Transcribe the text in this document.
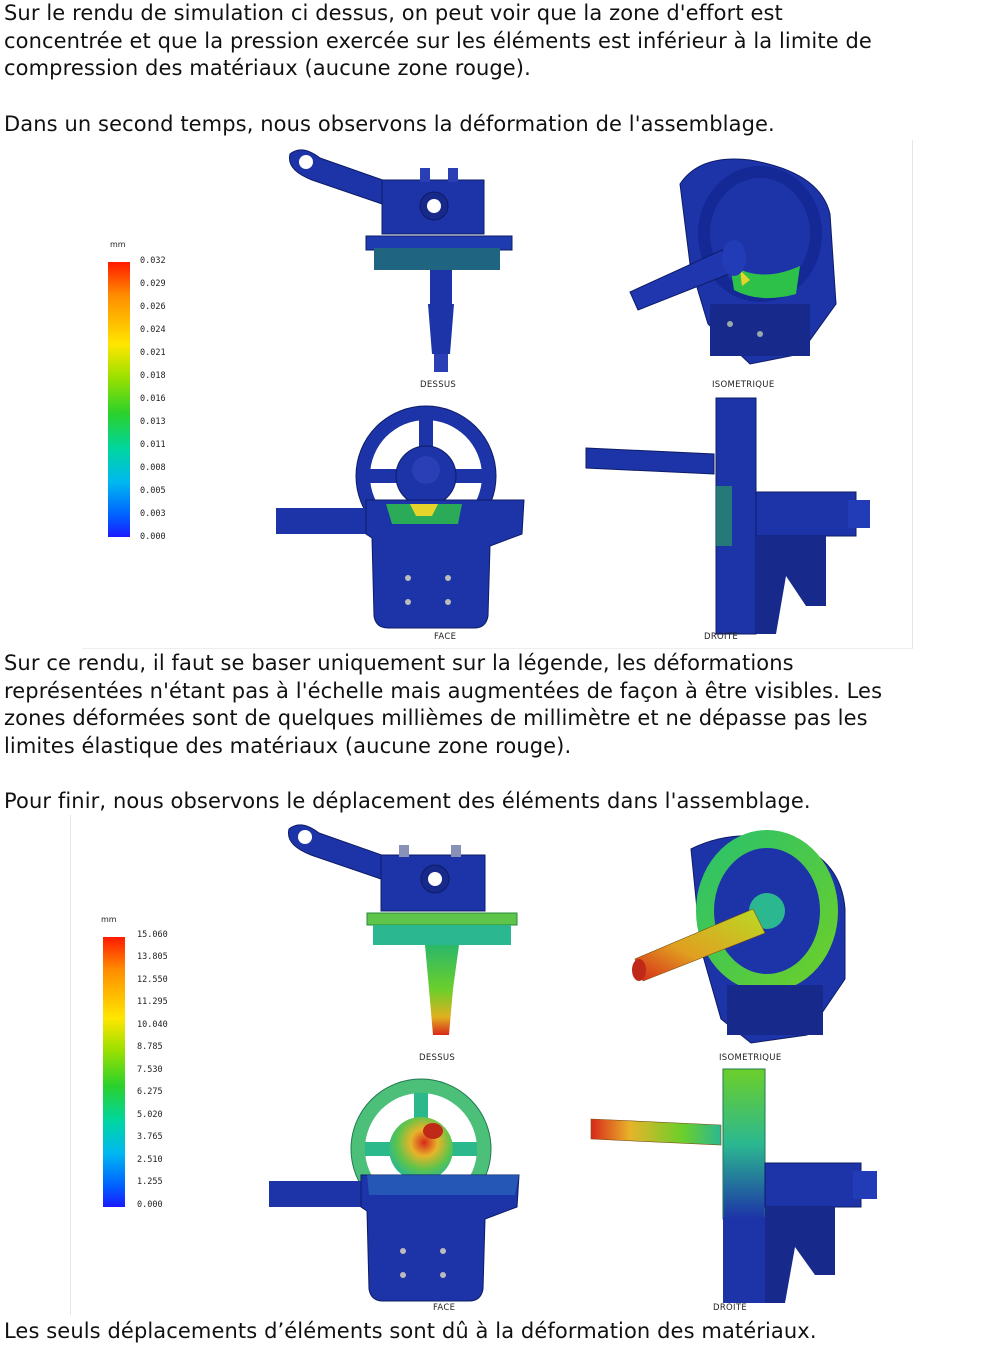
Sur le rendu de simulation ci dessus, on peut voir que la zone d'effort est
concentrée et que la pression exercée sur les éléments est inférieur à la limite de
compression des matériaux (aucune zone rouge).
Dans un second temps, nous observons la déformation de l'assemblage.
mm
0.032
0.029
0.026
0.024
0.021
0.018
0.016
0.013
0.011
0.008
0.005
0.003
0.000
DESSUS	ISOMETRIQUE
FACE	DROITE
Sur ce rendu, il faut se baser uniquement sur la légende, les déformations
représentées n'étant pas à l'échelle mais augmentées de façon à être visibles. Les
zones déformées sont de quelques millièmes de millimètre et ne dépasse pas les
limites élastique des matériaux (aucune zone rouge).
Pour finir, nous observons le déplacement des éléments dans l'assemblage.
mm
15.060
13.805
12.550
11.295
10.040
8.785
7.530
6.275
5.020
3.765
2.510
1.255
0.000
DESSUS	ISOMETRIQUE
FACE	DROITE
Les seuls déplacements d’éléments sont dû à la déformation des matériaux.
